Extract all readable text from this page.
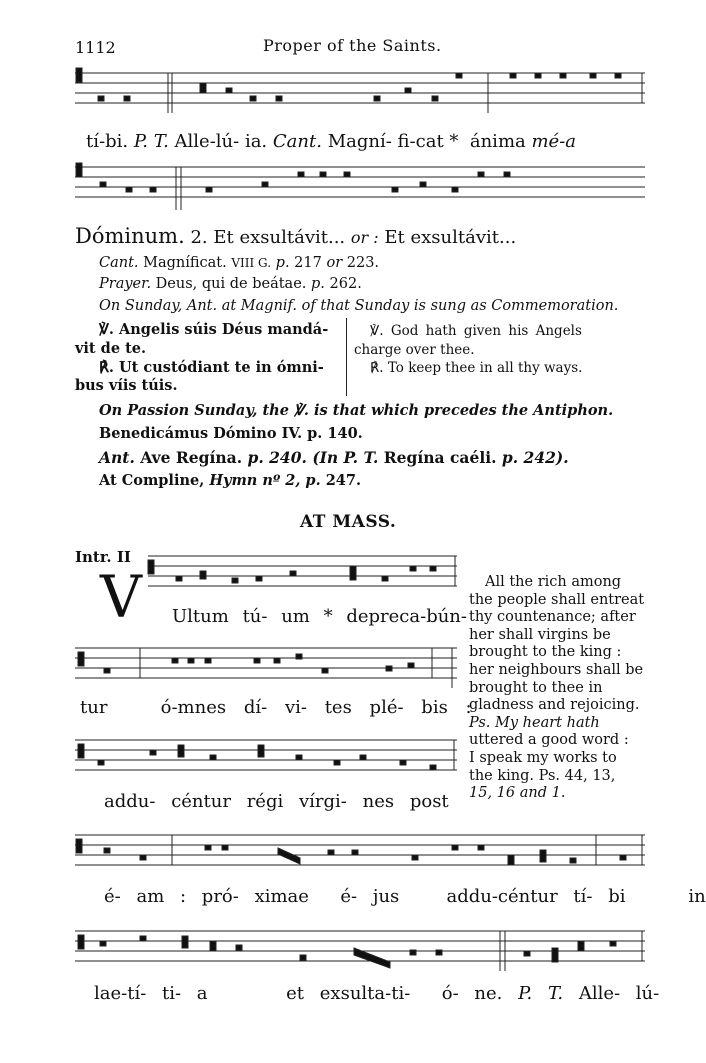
1112	Proper of the Saints.
tí-bi. P. T. Alle-lú- ia. Cant. Magní- fi-cat * ánima mé-a
Dóminum. 2. Et exsultávit... or : Et exsultávit...
Cant. Magníficat. VIII G. p. 217 or 223.
Prayer. Deus, qui de beátae. p. 262.
On Sunday, Ant. at Magnif. of that Sunday is sung as Commemoration.
℣. Angelis súis Déus mandá-
vit de te.
℟. Ut custódiant te in ómni-
bus víis túis.
℣. God hath given his Angels
charge over thee.
℟. To keep thee in all thy ways.
On Passion Sunday, the ℣. is that which precedes the Antiphon.
Benedicámus Dómino IV. p. 140.
Ant. Ave Regína. p. 240. (In P. T. Regína caéli. p. 242).
At Compline, Hymn nº 2, p. 247.
AT MASS.
Intr. II
V Ultum tú- um * depreca-bún-
tur	ó-mnes dí- vi- tes plé- bis :
addu- céntur régi vírgi- nes post
All the rich among
the people shall entreat
thy countenance; after
her shall virgins be
brought to the king :
her neighbours shall be
brought to thee in
gladness and rejoicing.
Ps. My heart hath
uttered a good word :
I speak my works to
the king. Ps. 44, 13,
15, 16 and 1.
é- am : pró- ximae é- jus	addu-céntur tí- bi	in
lae-tí- ti- a	et exsulta-ti- ó- ne. P. T. Alle- lú-
